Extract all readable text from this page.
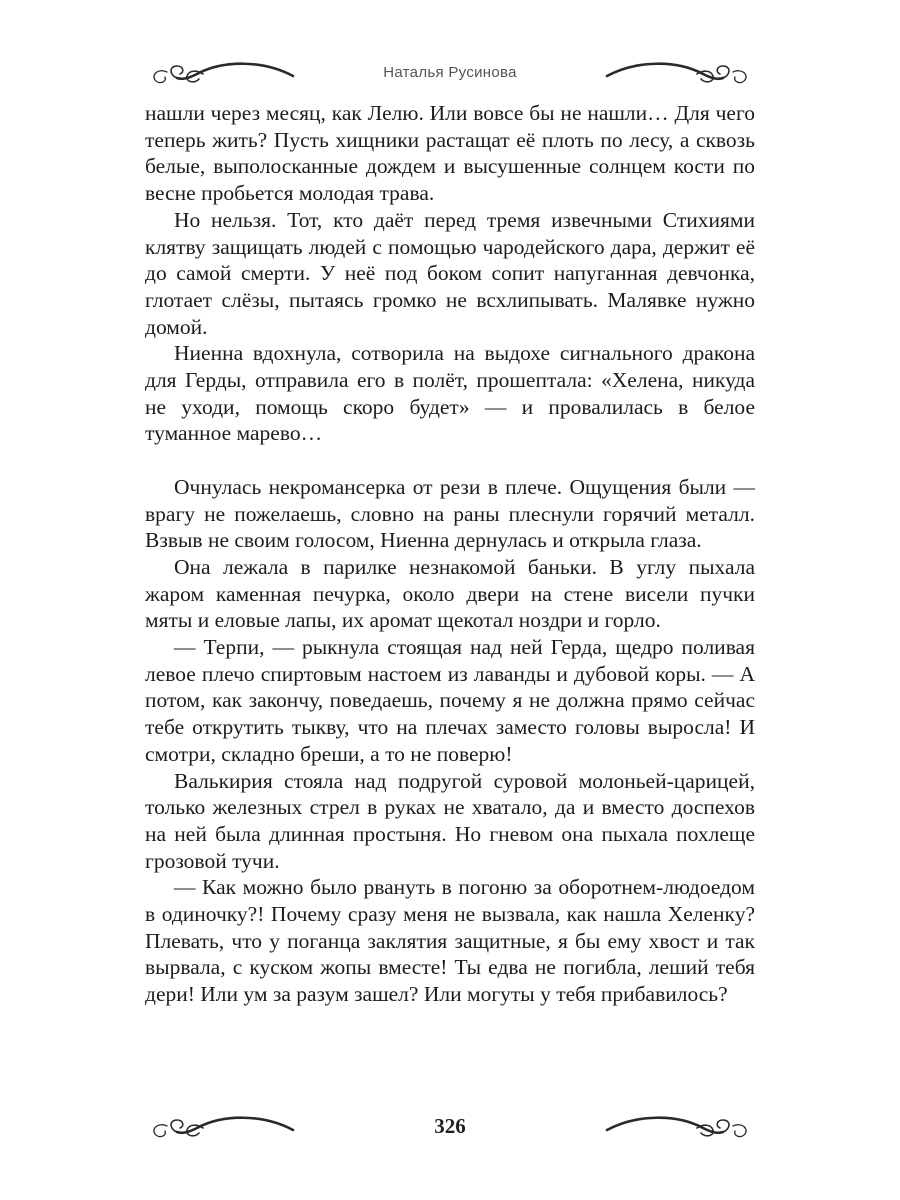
Наталья Русинова

нашли через месяц, как Лелю. Или вовсе бы не нашли… Для чего теперь жить? Пусть хищники растащат её плоть по лесу, а сквозь белые, выполосканные дождем и высушенные солнцем кости по весне пробьется молодая трава.

Но нельзя. Тот, кто даёт перед тремя извечными Стихиями клятву защищать людей с помощью чародейского дара, держит её до самой смерти. У неё под боком сопит напуганная девчонка, глотает слёзы, пытаясь громко не всхлипывать. Малявке нужно домой.

Ниенна вдохнула, сотворила на выдохе сигнального дракона для Герды, отправила его в полёт, прошептала: «Хелена, никуда не уходи, помощь скоро будет» — и провалилась в белое туманное марево…

Очнулась некромансерка от рези в плече. Ощущения были — врагу не пожелаешь, словно на раны плеснули горячий металл. Взвыв не своим голосом, Ниенна дернулась и открыла глаза.

Она лежала в парилке незнакомой баньки. В углу пыхала жаром каменная печурка, около двери на стене висели пучки мяты и еловые лапы, их аромат щекотал ноздри и горло.

— Терпи, — рыкнула стоящая над ней Герда, щедро поливая левое плечо спиртовым настоем из лаванды и дубовой коры. — А потом, как закончу, поведаешь, почему я не должна прямо сейчас тебе открутить тыкву, что на плечах заместо головы выросла! И смотри, складно бреши, а то не поверю!

Валькирия стояла над подругой суровой молоньей-царицей, только железных стрел в руках не хватало, да и вместо доспехов на ней была длинная простыня. Но гневом она пыхала похлеще грозовой тучи.

— Как можно было рвануть в погоню за оборотнем-людоедом в одиночку?! Почему сразу меня не вызвала, как нашла Хеленку? Плевать, что у поганца заклятия защитные, я бы ему хвост и так вырвала, с куском жопы вместе! Ты едва не погибла, леший тебя дери! Или ум за разум зашел? Или могуты у тебя прибавилось?

326
